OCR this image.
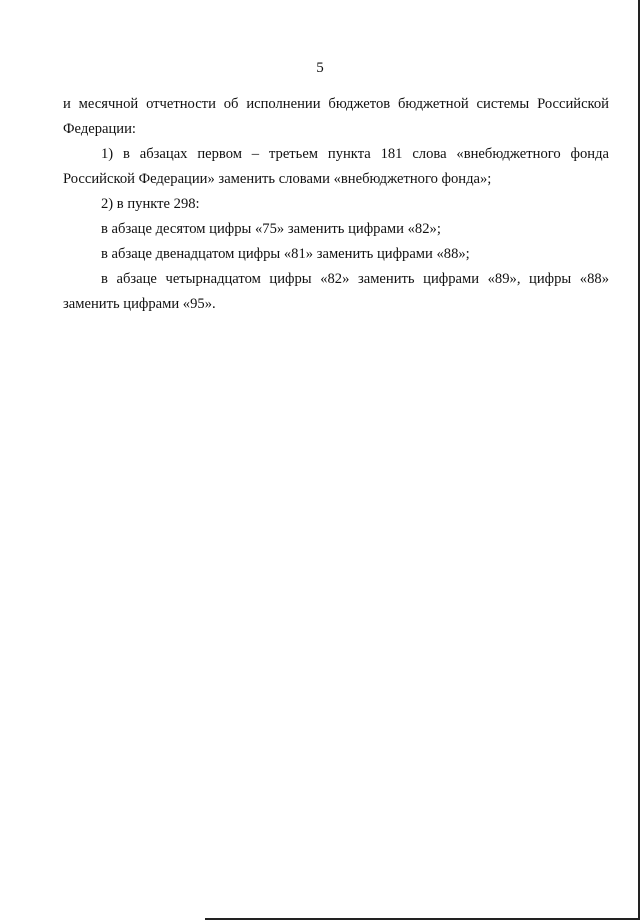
5

и месячной отчетности об исполнении бюджетов бюджетной системы Российской Федерации:

1) в абзацах первом – третьем пункта 181 слова «внебюджетного фонда Российской Федерации» заменить словами «внебюджетного фонда»;

2) в пункте 298:

в абзаце десятом цифры «75» заменить цифрами «82»;

в абзаце двенадцатом цифры «81» заменить цифрами «88»;

в абзаце четырнадцатом цифры «82» заменить цифрами «89», цифры «88» заменить цифрами «95».
